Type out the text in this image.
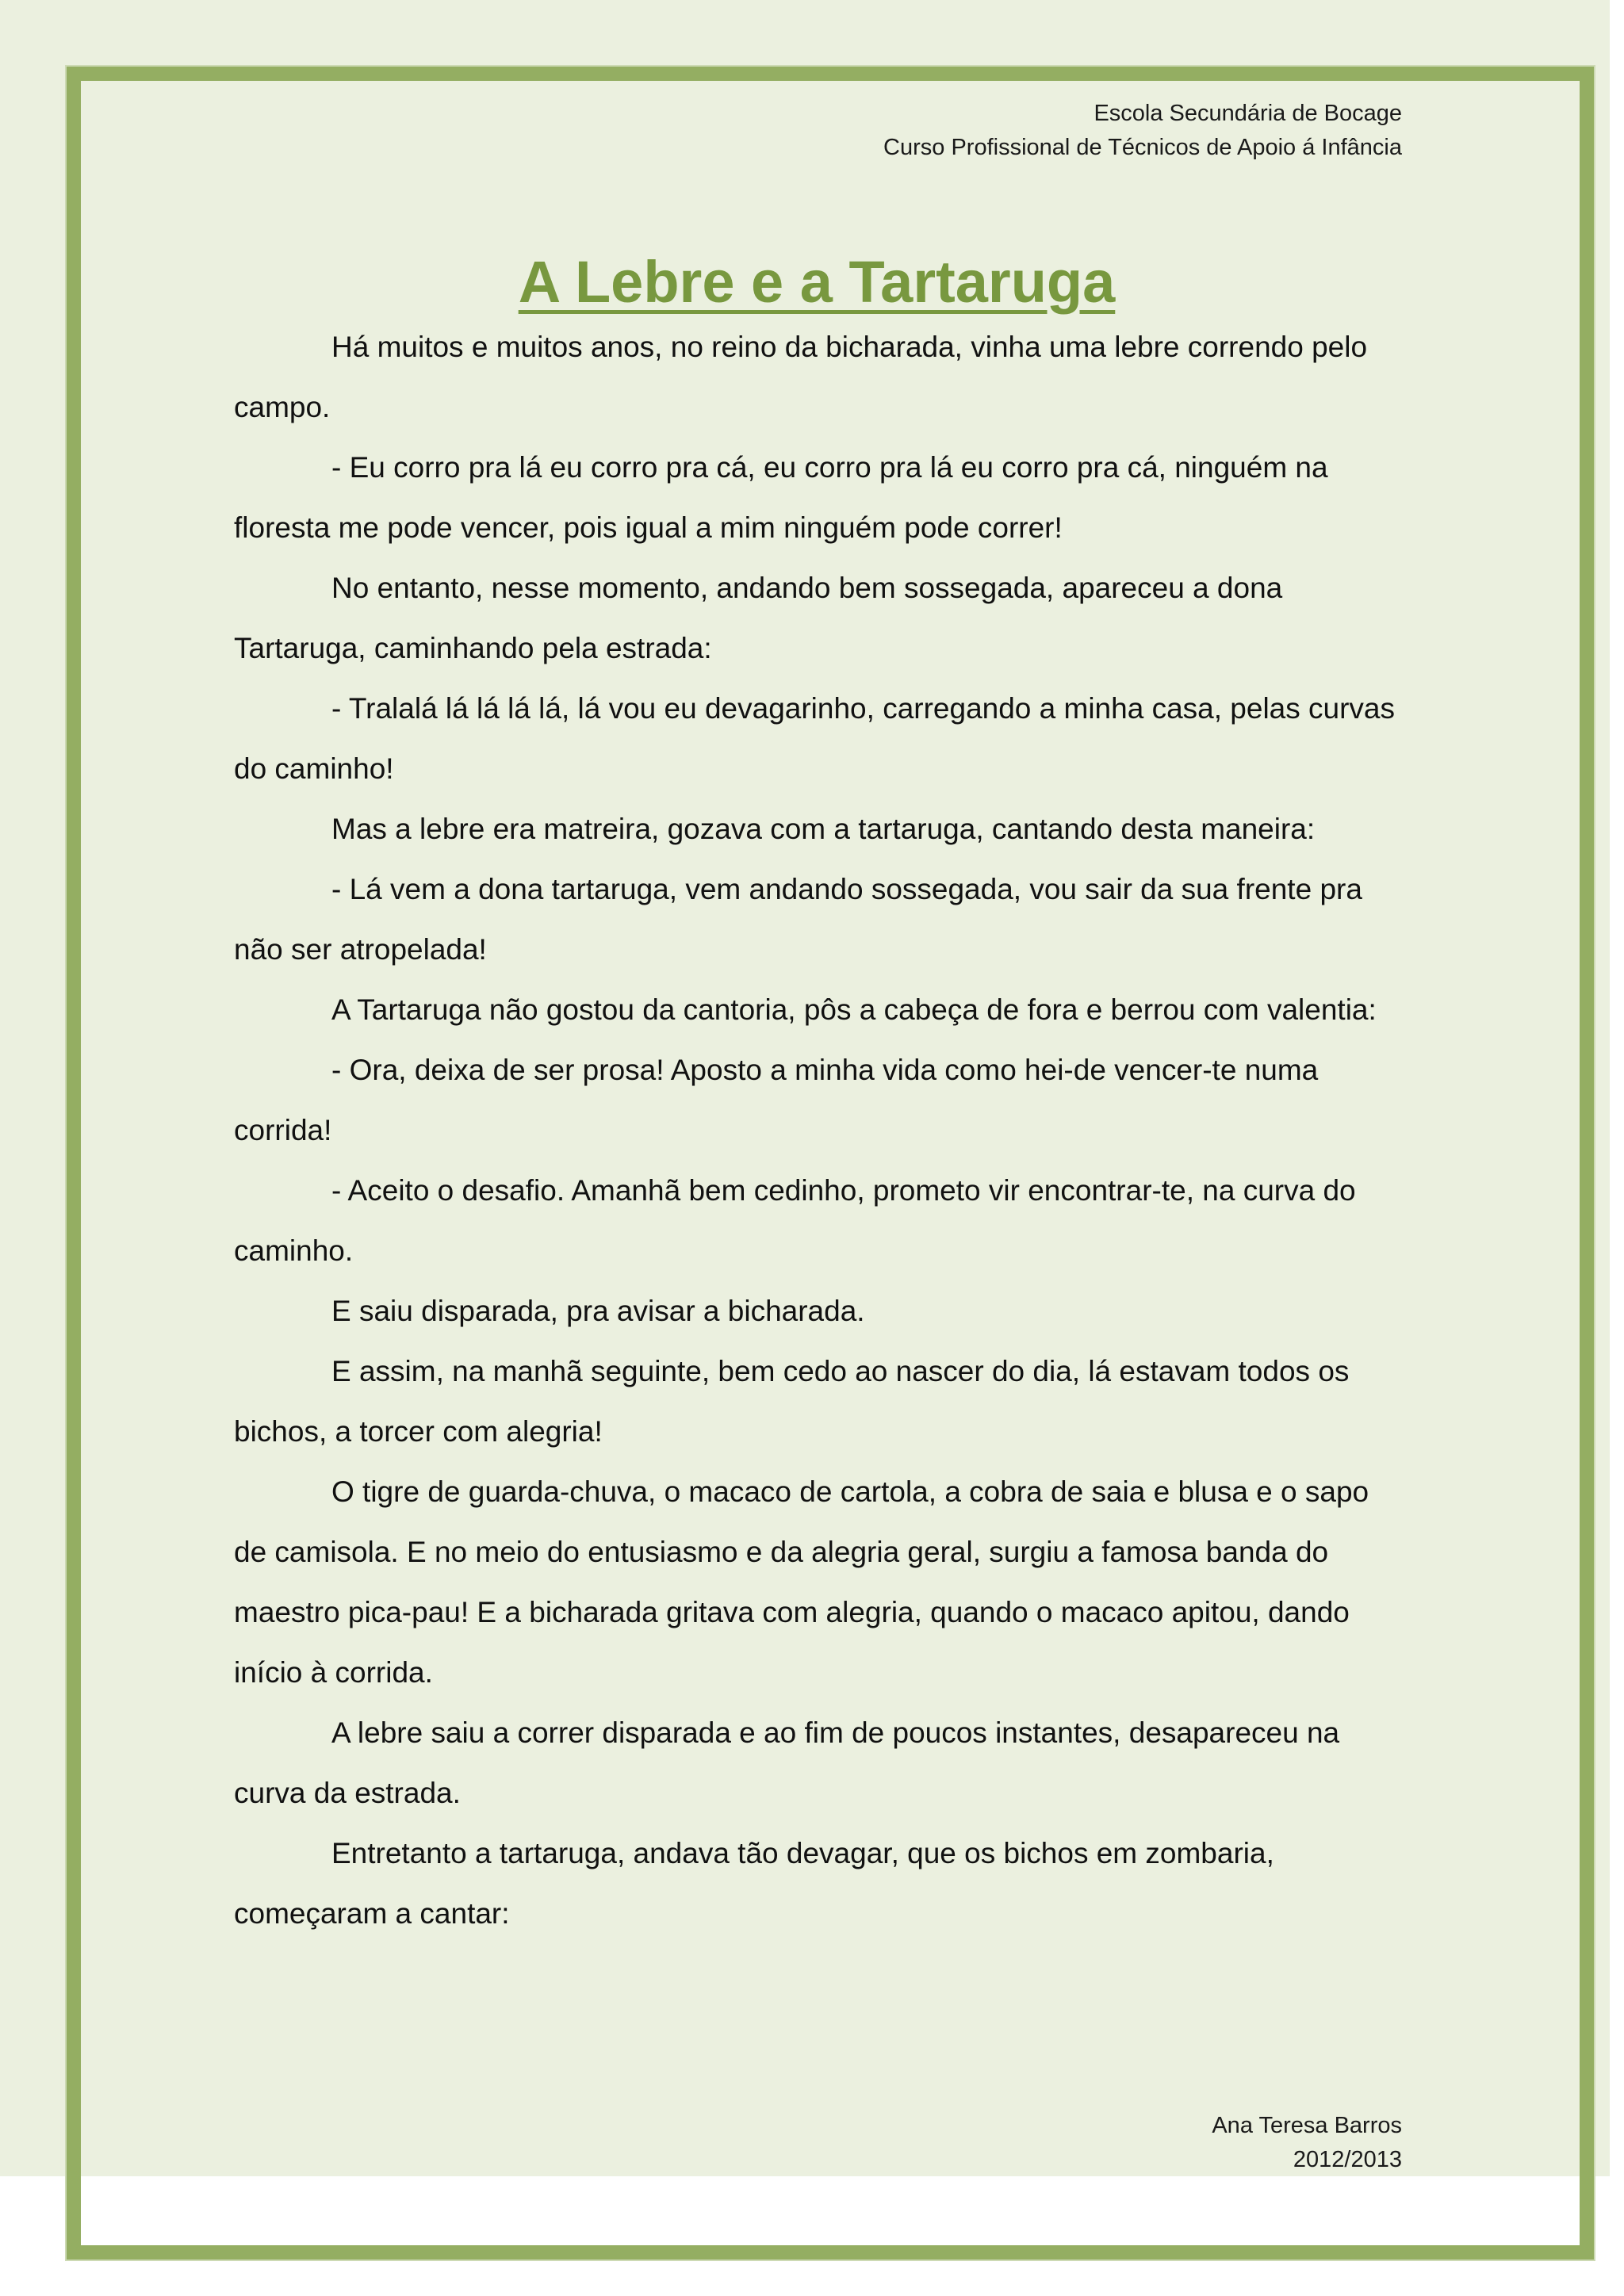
Escola Secundária de Bocage
Curso Profissional de Técnicos de Apoio á Infância
A Lebre e a Tartaruga

Há muitos e muitos anos, no reino da bicharada, vinha uma lebre correndo pelo campo.

- Eu corro pra lá eu corro pra cá, eu corro pra lá eu corro pra cá, ninguém na floresta me pode vencer, pois igual a mim ninguém pode correr!

No entanto, nesse momento, andando bem sossegada, apareceu a dona Tartaruga, caminhando pela estrada:

- Tralalá lá lá lá lá, lá vou eu devagarinho, carregando a minha casa, pelas curvas do caminho!

Mas a lebre era matreira, gozava com a tartaruga, cantando desta maneira:

- Lá vem a dona tartaruga, vem andando sossegada, vou sair da sua frente pra não ser atropelada!

A Tartaruga não gostou da cantoria, pôs a cabeça de fora e berrou com valentia:

- Ora, deixa de ser prosa! Aposto a minha vida como hei-de vencer-te numa corrida!

- Aceito o desafio. Amanhã bem cedinho, prometo vir encontrar-te, na curva do caminho.

E saiu disparada, pra avisar a bicharada.

E assim, na manhã seguinte, bem cedo ao nascer do dia, lá estavam todos os bichos, a torcer com alegria!

O tigre de guarda-chuva, o macaco de cartola, a cobra de saia e blusa e o sapo de camisola. E no meio do entusiasmo e da alegria geral, surgiu a famosa banda do maestro pica-pau! E a bicharada gritava com alegria, quando o macaco apitou, dando início à corrida.

A lebre saiu a correr disparada e ao fim de poucos instantes, desapareceu na curva da estrada.

Entretanto a tartaruga, andava tão devagar, que os bichos em zombaria, começaram a cantar:

Ana Teresa Barros
2012/2013
